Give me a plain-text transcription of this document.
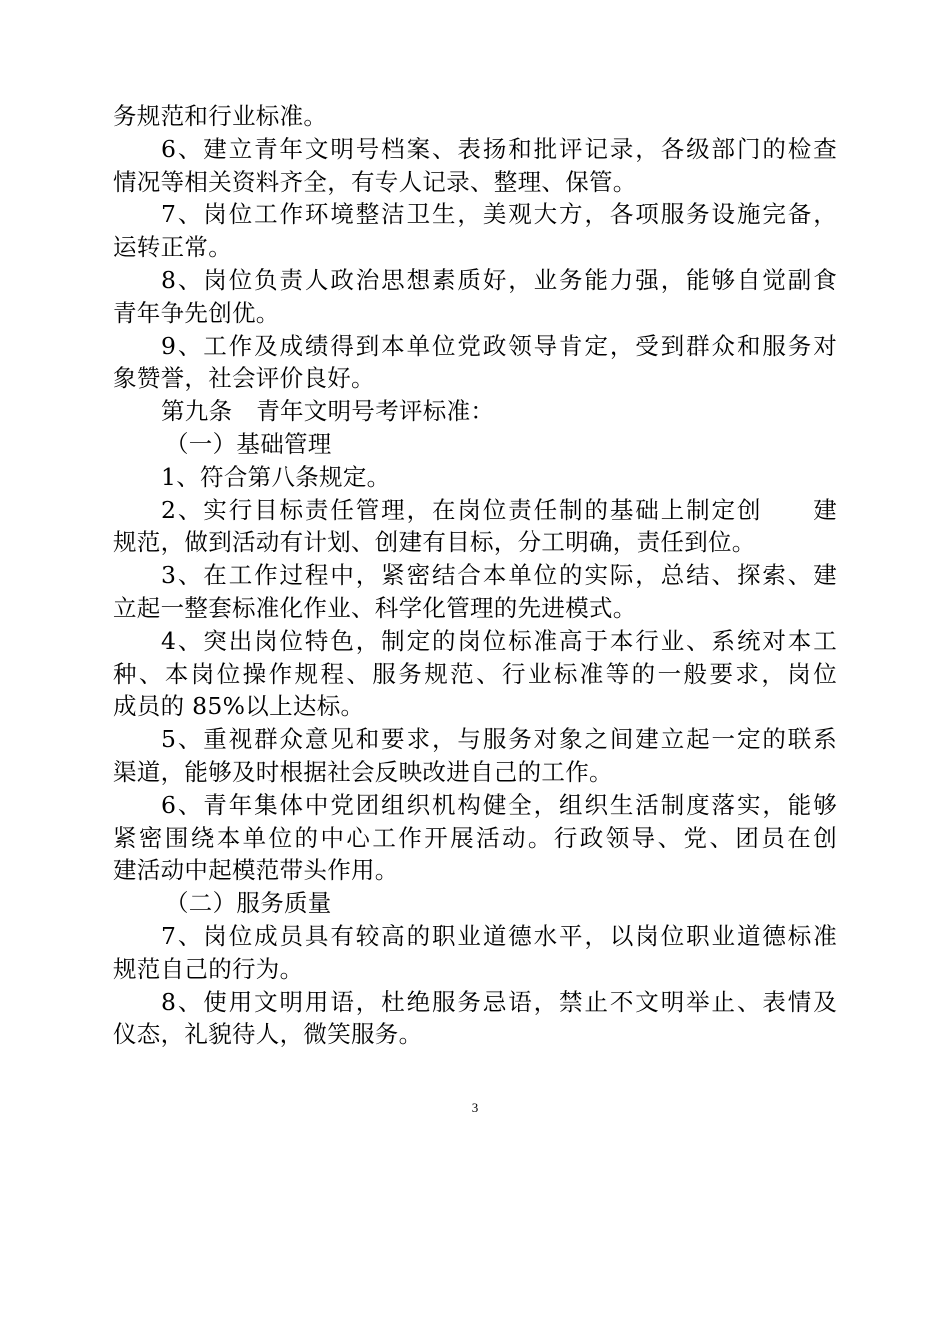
务规范和行业标准。
6、建立青年文明号档案、表扬和批评记录，各级部门的检查
情况等相关资料齐全，有专人记录、整理、保管。
7、岗位工作环境整洁卫生，美观大方，各项服务设施完备，
运转正常。
8、岗位负责人政治思想素质好，业务能力强，能够自觉副食
青年争先创优。
9、工作及成绩得到本单位党政领导肯定，受到群众和服务对
象赞誉，社会评价良好。
第九条　青年文明号考评标准：
（一）基础管理
1、符合第八条规定。
2、实行目标责任管理，在岗位责任制的基础上制定创　　建
规范，做到活动有计划、创建有目标，分工明确，责任到位。
3、在工作过程中，紧密结合本单位的实际，总结、探索、建
立起一整套标准化作业、科学化管理的先进模式。
4、突出岗位特色，制定的岗位标准高于本行业、系统对本工
种、本岗位操作规程、服务规范、行业标准等的一般要求，岗位
成员的 85%以上达标。
5、重视群众意见和要求，与服务对象之间建立起一定的联系
渠道，能够及时根据社会反映改进自己的工作。
6、青年集体中党团组织机构健全，组织生活制度落实，能够
紧密围绕本单位的中心工作开展活动。行政领导、党、团员在创
建活动中起模范带头作用。
（二）服务质量
7、岗位成员具有较高的职业道德水平，以岗位职业道德标准
规范自己的行为。
8、使用文明用语，杜绝服务忌语，禁止不文明举止、表情及
仪态，礼貌待人，微笑服务。
3
